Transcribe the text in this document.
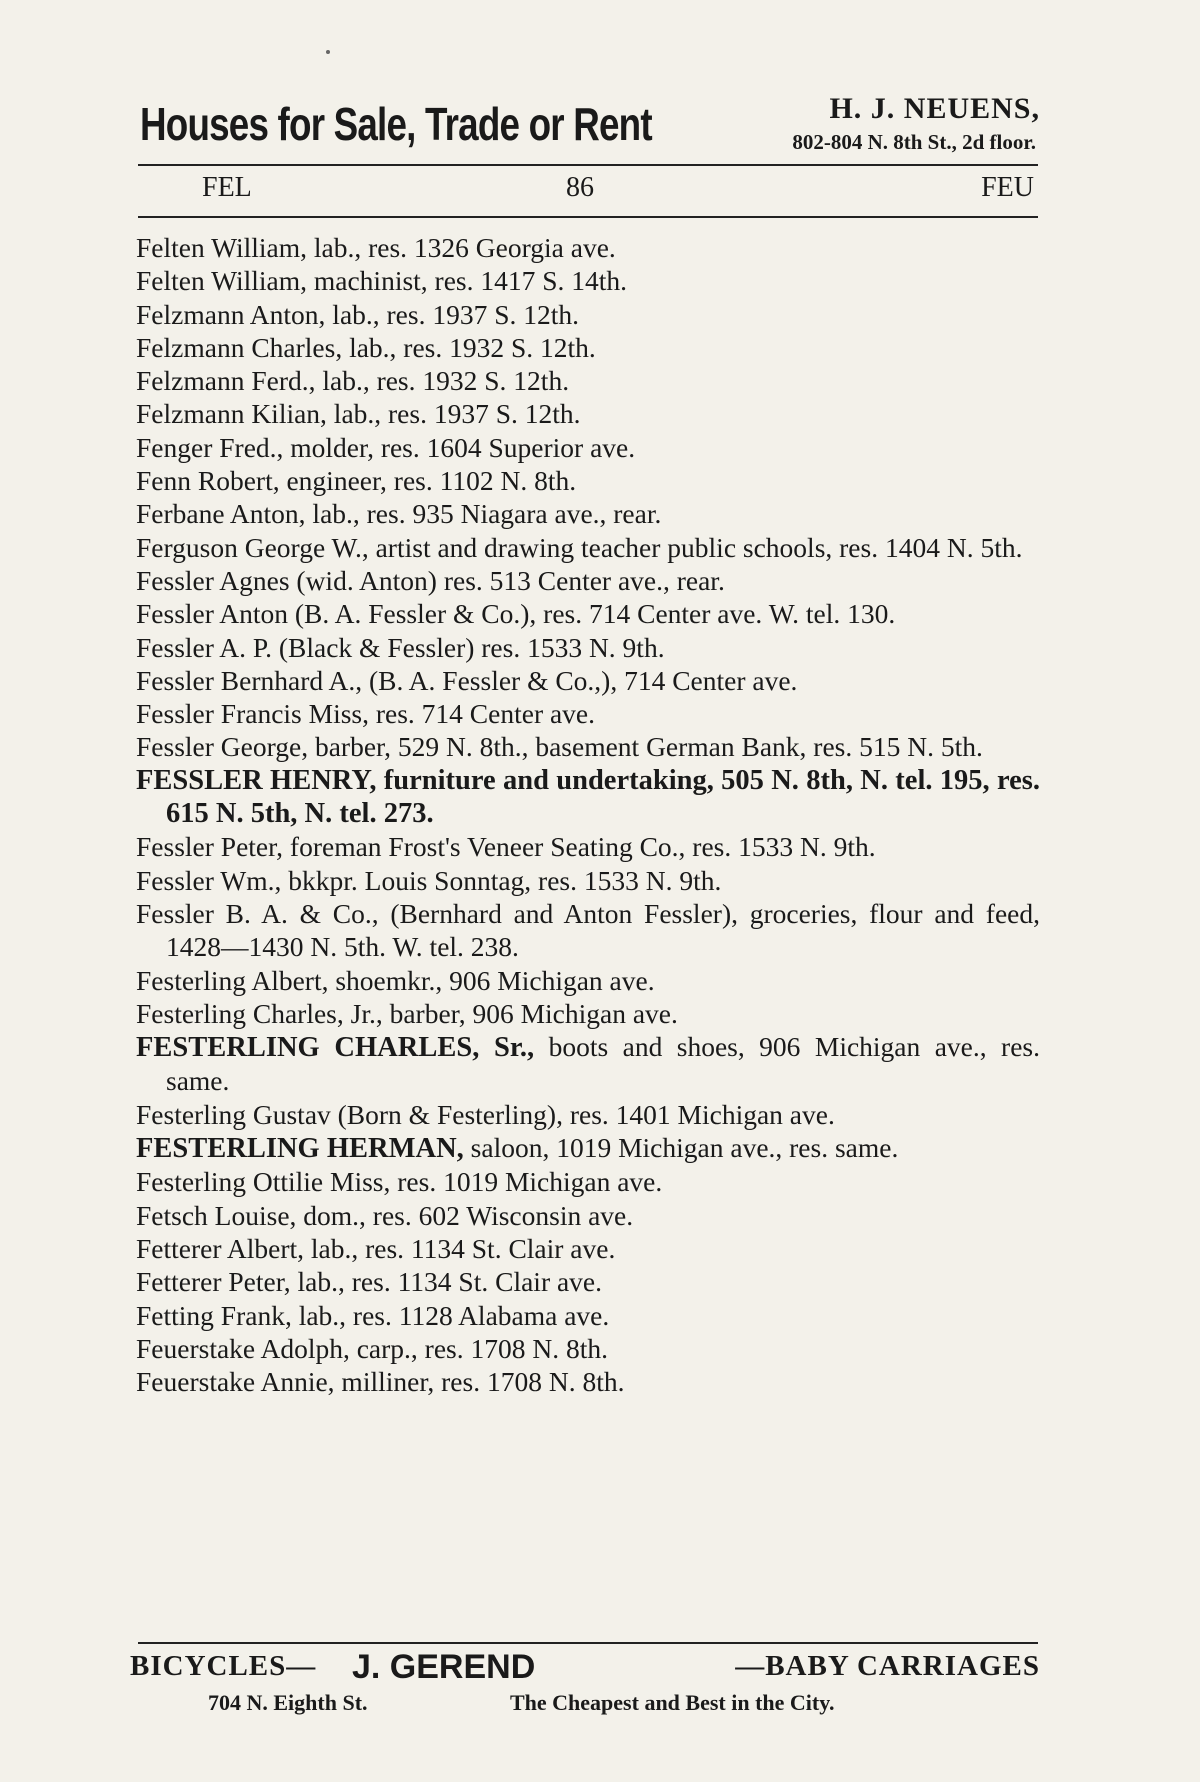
Houses for Sale, Trade or Rent	H. J. NEUENS,
802-804 N. 8th St., 2d floor.
FEL	86	FEU
Felten William, lab., res. 1326 Georgia ave.
Felten William, machinist, res. 1417 S. 14th.
Felzmann Anton, lab., res. 1937 S. 12th.
Felzmann Charles, lab., res. 1932 S. 12th.
Felzmann Ferd., lab., res. 1932 S. 12th.
Felzmann Kilian, lab., res. 1937 S. 12th.
Fenger Fred., molder, res. 1604 Superior ave.
Fenn Robert, engineer, res. 1102 N. 8th.
Ferbane Anton, lab., res. 935 Niagara ave., rear.
Ferguson George W., artist and drawing teacher public schools, res. 1404 N. 5th.
Fessler Agnes (wid. Anton) res. 513 Center ave., rear.
Fessler Anton (B. A. Fessler & Co.), res. 714 Center ave. W. tel. 130.
Fessler A. P. (Black & Fessler) res. 1533 N. 9th.
Fessler Bernhard A., (B. A. Fessler & Co.,), 714 Center ave.
Fessler Francis Miss, res. 714 Center ave.
Fessler George, barber, 529 N. 8th., basement German Bank, res. 515 N. 5th.
FESSLER HENRY, furniture and undertaking, 505 N. 8th, N. tel. 195, res. 615 N. 5th, N. tel. 273.
Fessler Peter, foreman Frost's Veneer Seating Co., res. 1533 N. 9th.
Fessler Wm., bkkpr. Louis Sonntag, res. 1533 N. 9th.
Fessler B. A. & Co., (Bernhard and Anton Fessler), groceries, flour and feed, 1428—1430 N. 5th. W. tel. 238.
Festerling Albert, shoemkr., 906 Michigan ave.
Festerling Charles, Jr., barber, 906 Michigan ave.
FESTERLING CHARLES, Sr., boots and shoes, 906 Michigan ave., res. same.
Festerling Gustav (Born & Festerling), res. 1401 Michigan ave.
FESTERLING HERMAN, saloon, 1019 Michigan ave., res. same.
Festerling Ottilie Miss, res. 1019 Michigan ave.
Fetsch Louise, dom., res. 602 Wisconsin ave.
Fetterer Albert, lab., res. 1134 St. Clair ave.
Fetterer Peter, lab., res. 1134 St. Clair ave.
Fetting Frank, lab., res. 1128 Alabama ave.
Feuerstake Adolph, carp., res. 1708 N. 8th.
Feuerstake Annie, milliner, res. 1708 N. 8th.
BICYCLES— J. GEREND	—BABY CARRIAGES
704 N. Eighth St.	The Cheapest and Best in the City.
